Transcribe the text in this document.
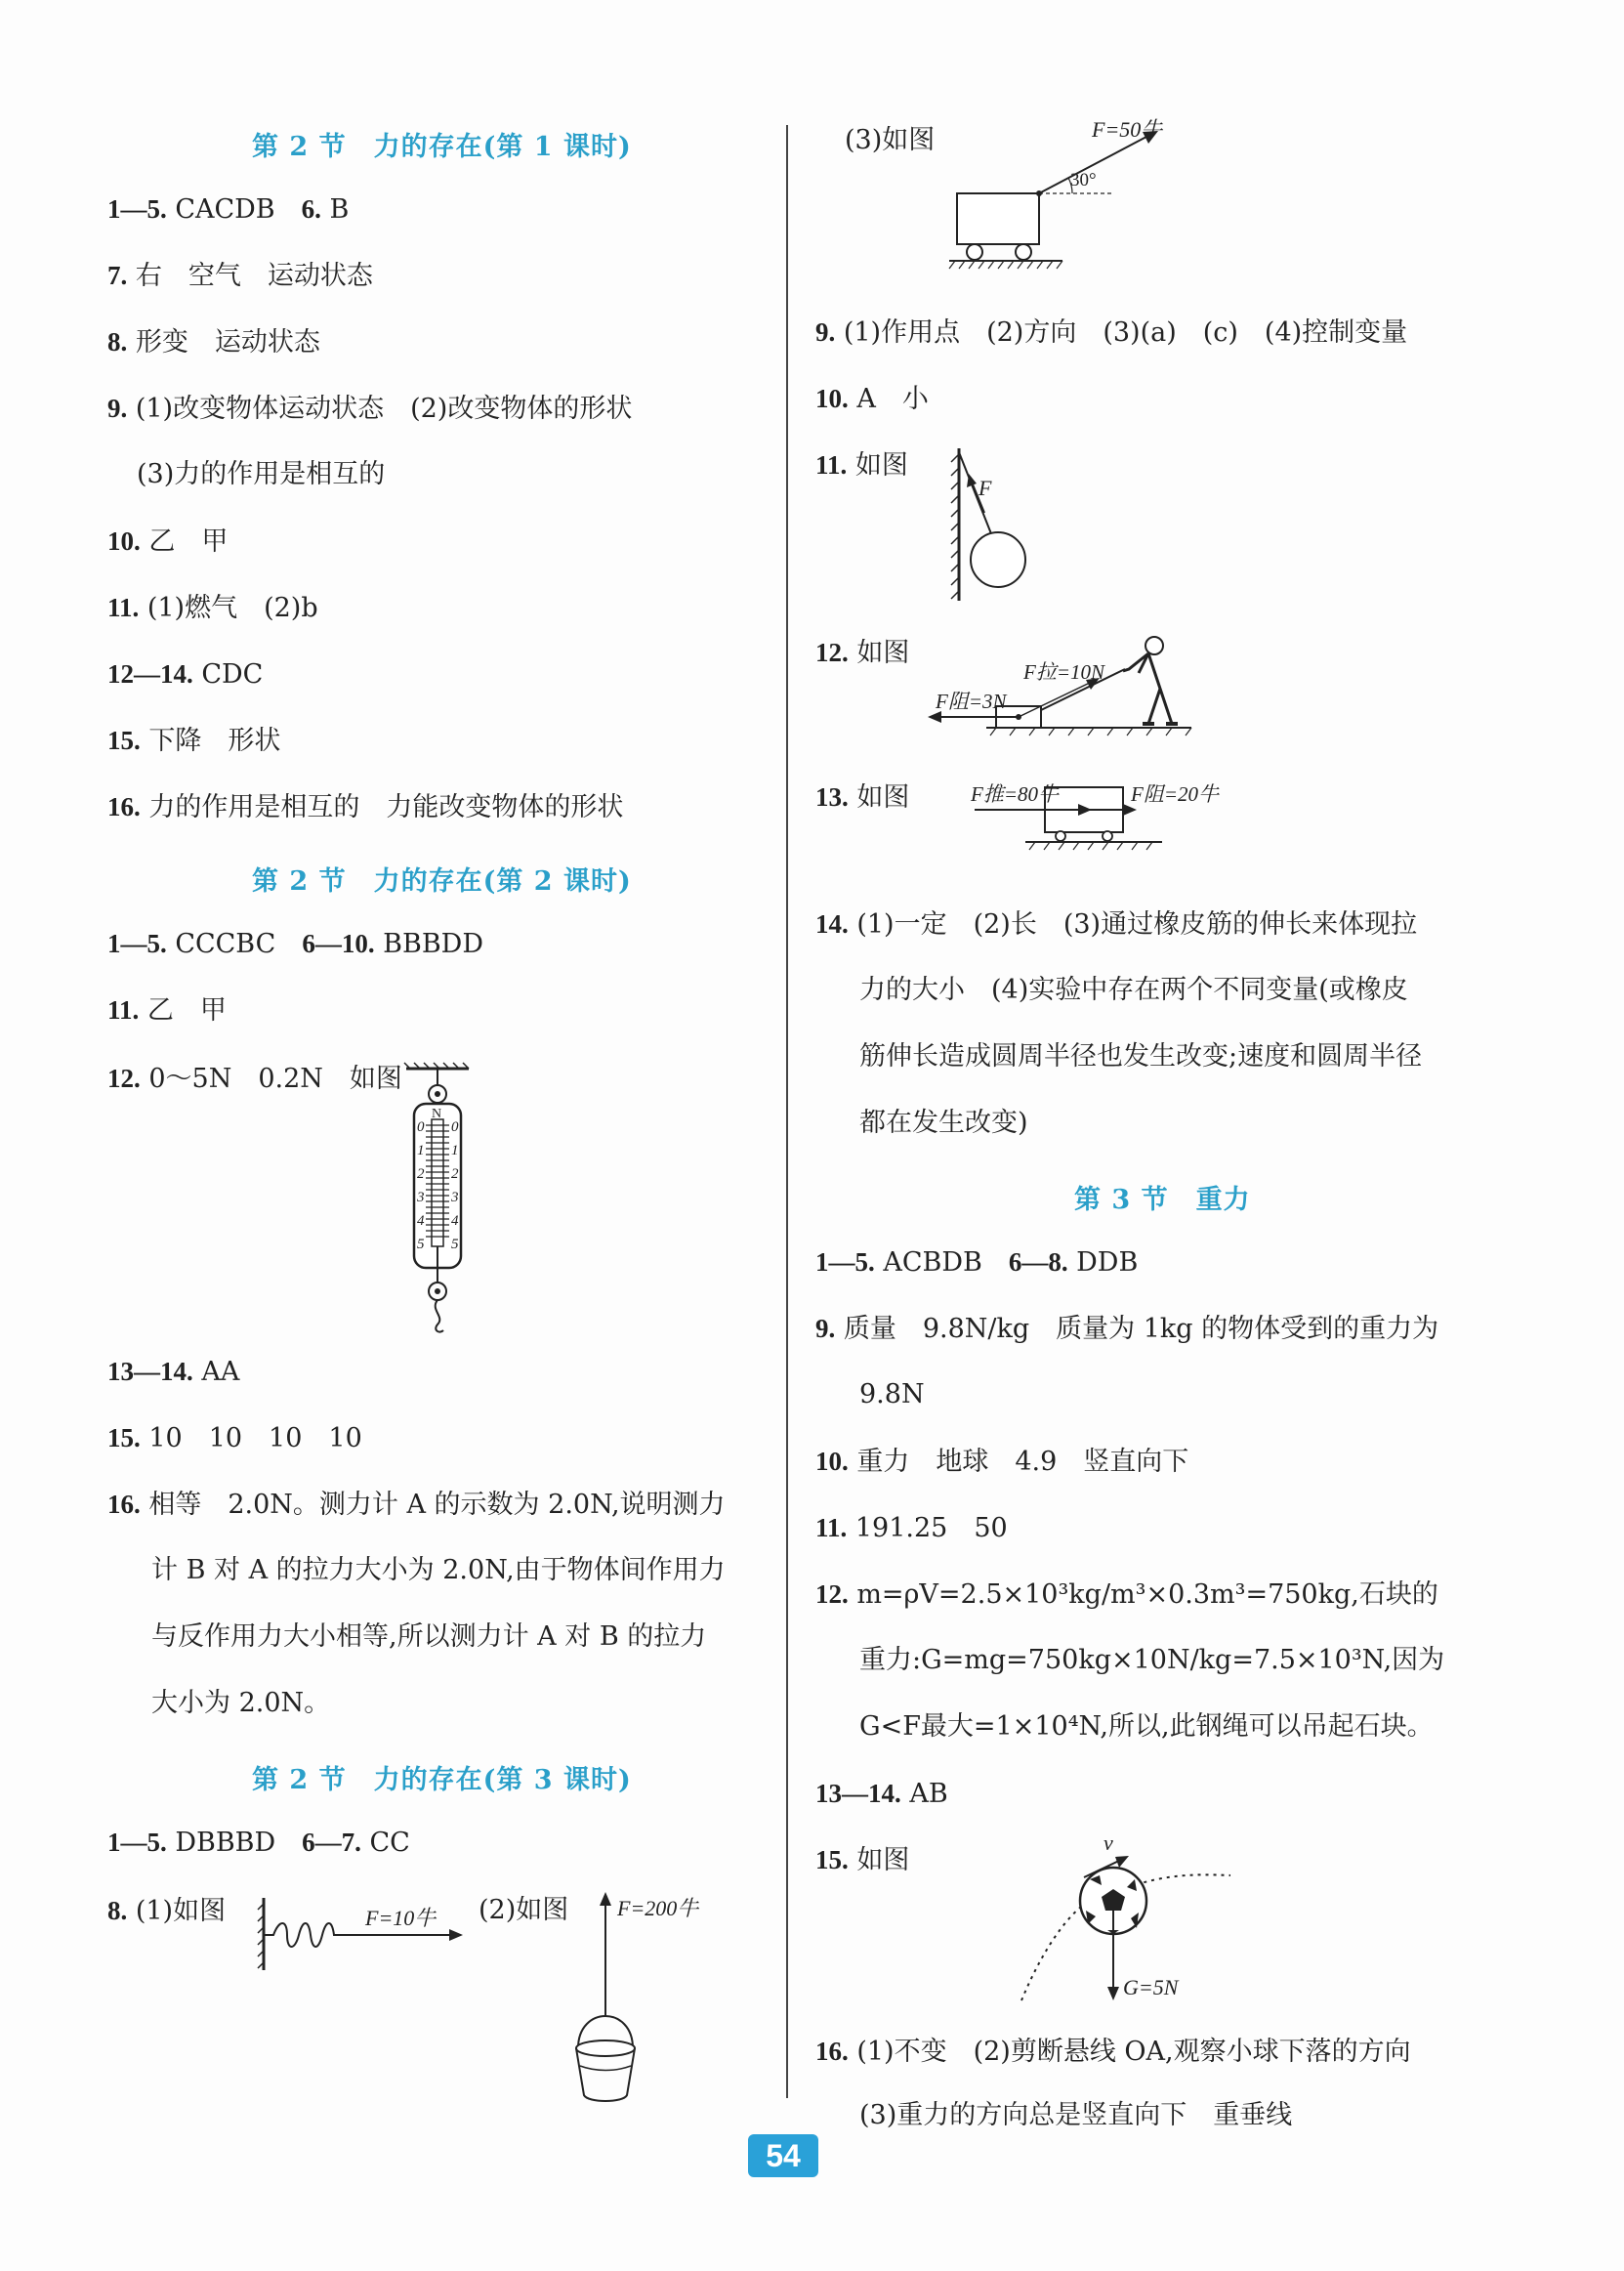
第 2 节　力的存在(第 1 课时)
1—5. CACDB　6. B
7. 右　空气　运动状态
8. 形变　运动状态
9. (1)改变物体运动状态　(2)改变物体的形状
(3)力的作用是相互的
10. 乙　甲
11. (1)燃气　(2)b
12—14. CDC
15. 下降　形状
16. 力的作用是相互的　力能改变物体的形状
第 2 节　力的存在(第 2 课时)
1—5. CCCBC　6—10. BBBDD
11. 乙　甲
12. 0～5N　0.2N　如图
N
0 0
1 1
2 2
3 3
4 4
5 5
13—14. AA
15. 10　10　10　10
16. 相等　2.0N。测力计 A 的示数为 2.0N,说明测力
计 B 对 A 的拉力大小为 2.0N,由于物体间作用力
与反作用力大小相等,所以测力计 A 对 B 的拉力
大小为 2.0N。
第 2 节　力的存在(第 3 课时)
1—5. DBBBD　6—7. CC
8. (1)如图	(2)如图
F=10牛	F=200牛
(3)如图
30°
F=50牛
9. (1)作用点　(2)方向　(3)(a)　(c)　(4)控制变量
10. A　小
11. 如图
F
12. 如图
F阻=3N
F拉=10N
13. 如图	F推=80牛	F阻=20牛
14. (1)一定　(2)长　(3)通过橡皮筋的伸长来体现拉
力的大小　(4)实验中存在两个不同变量(或橡皮
筋伸长造成圆周半径也发生改变;速度和圆周半径
都在发生改变)
第 3 节　重力
1—5. ACBDB　6—8. DDB
9. 质量　9.8N/kg　质量为 1kg 的物体受到的重力为
9.8N
10. 重力　地球　4.9　竖直向下
11. 191.25　50
12. m=ρV=2.5×10³kg/m³×0.3m³=750kg,石块的
重力:G=mg=750kg×10N/kg=7.5×10³N,因为
G<F最大=1×10⁴N,所以,此钢绳可以吊起石块。
13—14. AB
15. 如图
v
G=5N
16. (1)不变　(2)剪断悬线 OA,观察小球下落的方向
(3)重力的方向总是竖直向下　重垂线
54
